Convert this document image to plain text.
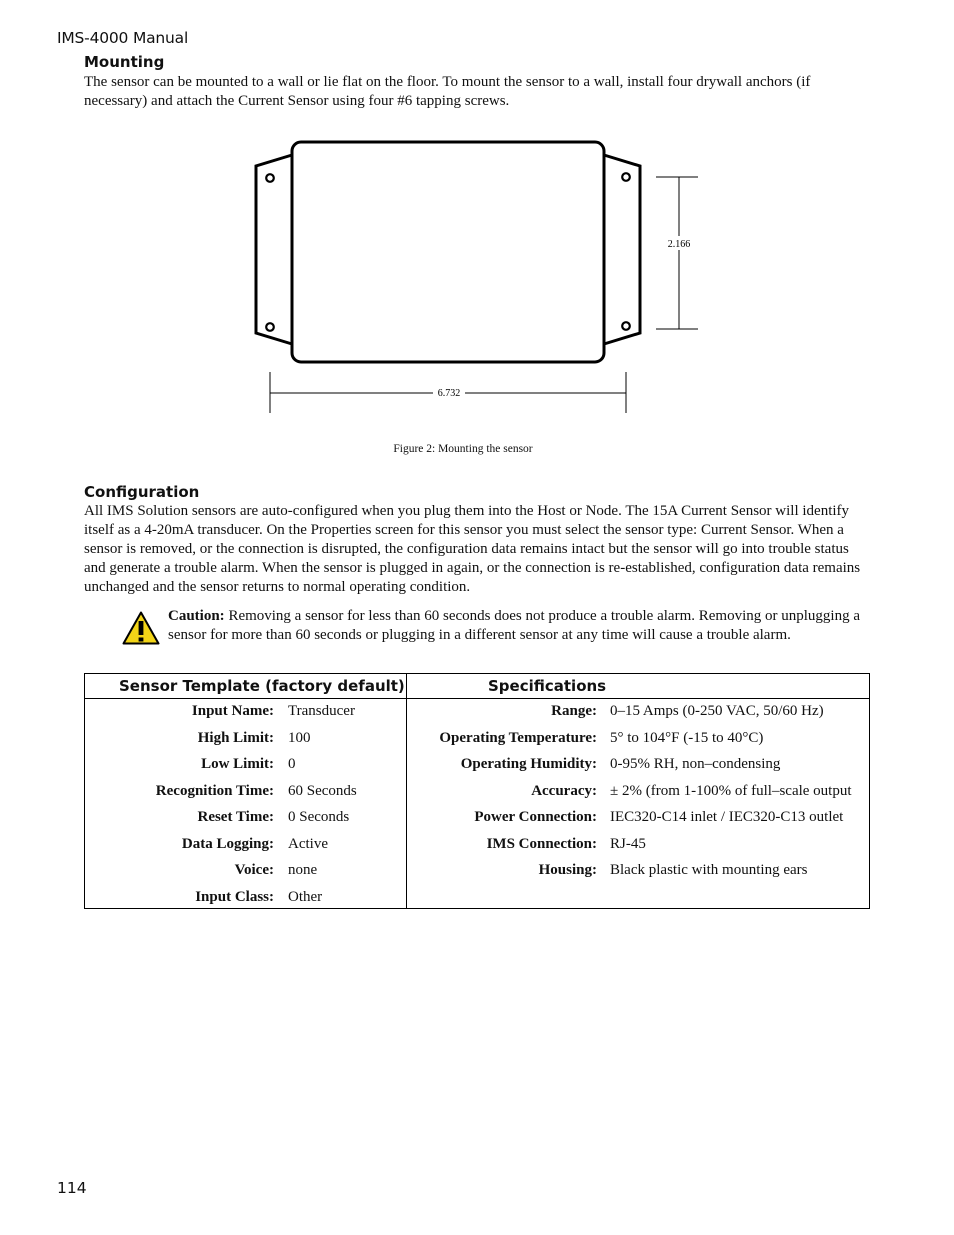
IMS-4000 Manual
Mounting
The sensor can be mounted to a wall or lie flat on the floor. To mount the sensor to a wall, install four drywall anchors (if necessary) and attach the Current Sensor using four #6 tapping screws.
2.166
6.732
Figure 2: Mounting the sensor
Configuration
All IMS Solution sensors are auto-configured when you plug them into the Host or Node. The 15A Current Sensor will identify itself as a 4-20mA transducer. On the Properties screen for this sensor you must select the sensor type: Current Sensor. When a sensor is removed, or the connection is disrupted, the configuration data remains intact but the sensor will go into trouble status and generate a trouble alarm. When the sensor is plugged in again, or the connection is re-established, configuration data remains unchanged and the sensor returns to normal operating condition.
Caution: Removing a sensor for less than 60 seconds does not produce a trouble alarm. Removing or unplugging a sensor for more than 60 seconds or plugging in a different sensor at any time will cause a trouble alarm.
Sensor Template (factory default)	Specifications
Input Name: Transducer
High Limit: 100
Low Limit: 0
Recognition Time: 60 Seconds
Reset Time: 0 Seconds
Data Logging: Active
Voice: none
Input Class: Other
Range: 0–15 Amps (0-250 VAC, 50/60 Hz)
Operating Temperature: 5° to 104°F (-15 to 40°C)
Operating Humidity: 0-95% RH, non–condensing
Accuracy: ± 2% (from 1-100% of full–scale output
Power Connection: IEC320-C14 inlet / IEC320-C13 outlet
IMS Connection: RJ-45
Housing: Black plastic with mounting ears
114
